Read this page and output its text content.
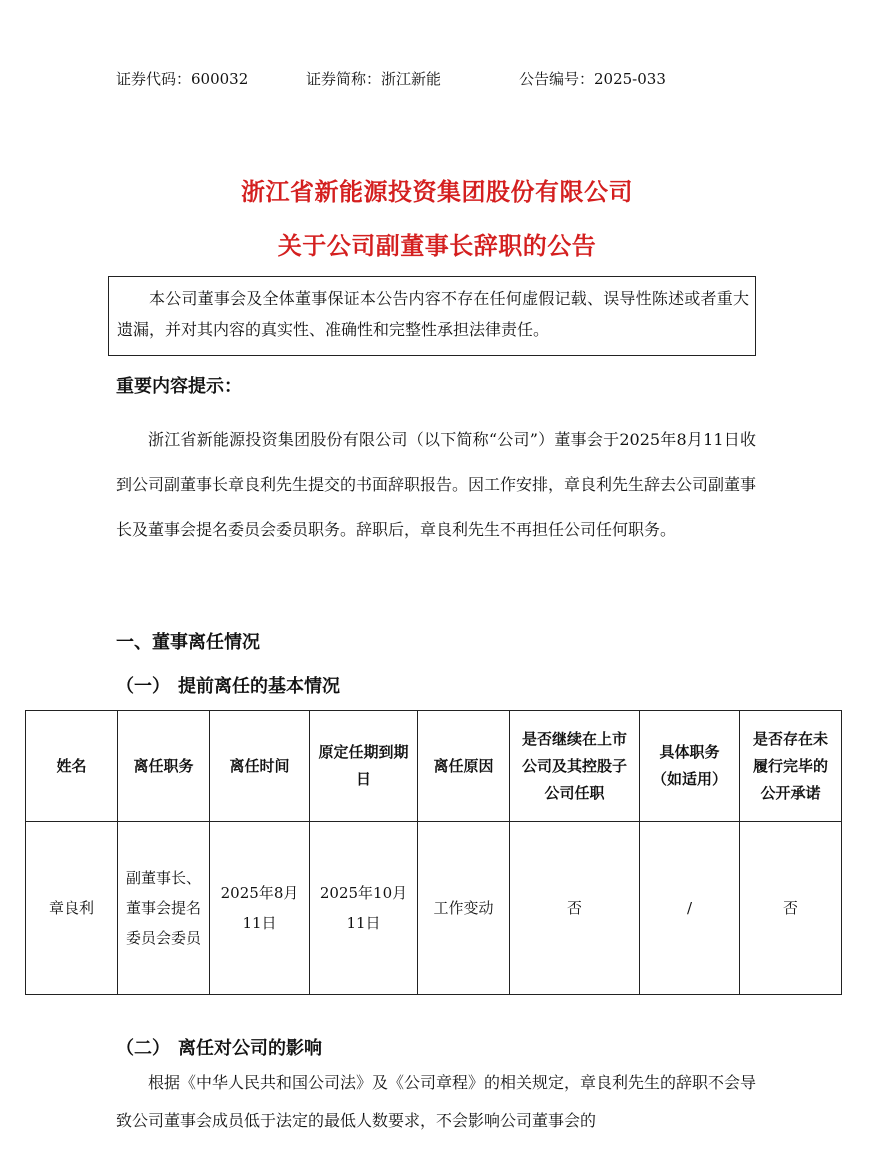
证券代码：600032	证券简称：浙江新能	公告编号：2025-033
浙江省新能源投资集团股份有限公司
关于公司副董事长辞职的公告

本公司董事会及全体董事保证本公告内容不存在任何虚假记载、误导性陈述或者重大遗漏，并对其内容的真实性、准确性和完整性承担法律责任。

重要内容提示：

浙江省新能源投资集团股份有限公司（以下简称“公司”）董事会于2025年8月11日收到公司副董事长章良利先生提交的书面辞职报告。因工作安排，章良利先生辞去公司副董事长及董事会提名委员会委员职务。辞职后，章良利先生不再担任公司任何职务。

一、董事离任情况
（一） 提前离任的基本情况
姓名	离任职务	离任时间	原定任期到期日	离任原因	是否继续在上市公司及其控股子公司任职	具体职务（如适用）	是否存在未履行完毕的公开承诺
章良利	副董事长、董事会提名委员会委员	2025年8月11日	2025年10月11日	工作变动	否	/	否
（二） 离任对公司的影响

根据《中华人民共和国公司法》及《公司章程》的相关规定，章良利先生的辞职不会导致公司董事会成员低于法定的最低人数要求，不会影响公司董事会的
